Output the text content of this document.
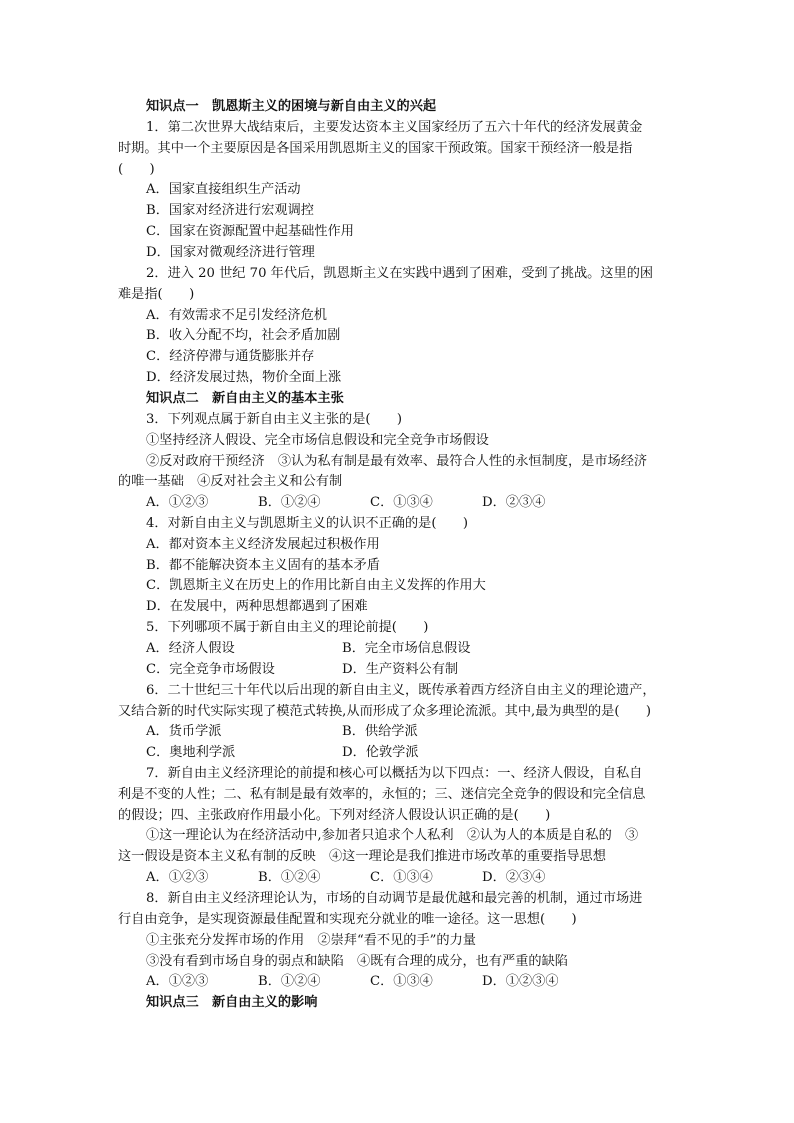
知识点一　 凯恩斯主义的困境与新自由主义的兴起
1．第二次世界大战结束后，主要发达资本主义国家经历了五六十年代的经济发展黄金
时期。其中一个主要原因是各国采用凯恩斯主义的国家干预政策。国家干预经济一般是指
(　　)
A．国家直接组织生产活动
B．国家对经济进行宏观调控
C．国家在资源配置中起基础性作用
D．国家对微观经济进行管理
2．进入 20 世纪 70 年代后，凯恩斯主义在实践中遇到了困难，受到了挑战。这里的困
难是指(　　)
A．有效需求不足引发经济危机
B．收入分配不均，社会矛盾加剧
C．经济停滞与通货膨胀并存
D．经济发展过热，物价全面上涨
知识点二　 新自由主义的基本主张
3．下列观点属于新自由主义主张的是(　　)
①坚持经济人假设、完全市场信息假设和完全竞争市场假设
②反对政府干预经济　③认为私有制是最有效率、最符合人性的永恒制度，是市场经济
的唯一基础　④反对社会主义和公有制
A．①②③	B．①②④	C．①③④	D．②③④
4．对新自由主义与凯恩斯主义的认识不正确的是(　　)
A．都对资本主义经济发展起过积极作用
B．都不能解决资本主义固有的基本矛盾
C．凯恩斯主义在历史上的作用比新自由主义发挥的作用大
D．在发展中，两种思想都遇到了困难
5．下列哪项不属于新自由主义的理论前提(　　)
A．经济人假设	B．完全市场信息假设
C．完全竞争市场假设	D．生产资料公有制
6．二十世纪三十年代以后出现的新自由主义，既传承着西方经济自由主义的理论遗产，
又结合新的时代实际实现了模范式转换,从而形成了众多理论流派。其中,最为典型的是(　　)
A．货币学派	B．供给学派
C．奥地利学派	D．伦敦学派
7．新自由主义经济理论的前提和核心可以概括为以下四点：一、经济人假设，自私自
利是不变的人性；二、私有制是最有效率的，永恒的；三、迷信完全竞争的假设和完全信息
的假设；四、主张政府作用最小化。下列对经济人假设认识正确的是(　　)
①这一理论认为在经济活动中,参加者只追求个人私利　②认为人的本质是自私的　③
这一假设是资本主义私有制的反映　④这一理论是我们推进市场改革的重要指导思想
A．①②③	B．①②④	C．①③④	D．②③④
8．新自由主义经济理论认为，市场的自动调节是最优越和最完善的机制，通过市场进
行自由竞争，是实现资源最佳配置和实现充分就业的唯一途径。这一思想(　　)
①主张充分发挥市场的作用　②崇拜“看不见的手”的力量
③没有看到市场自身的弱点和缺陷　④既有合理的成分，也有严重的缺陷
A．①②③	B．①②④	C．①③④	D．①②③④
知识点三　 新自由主义的影响
